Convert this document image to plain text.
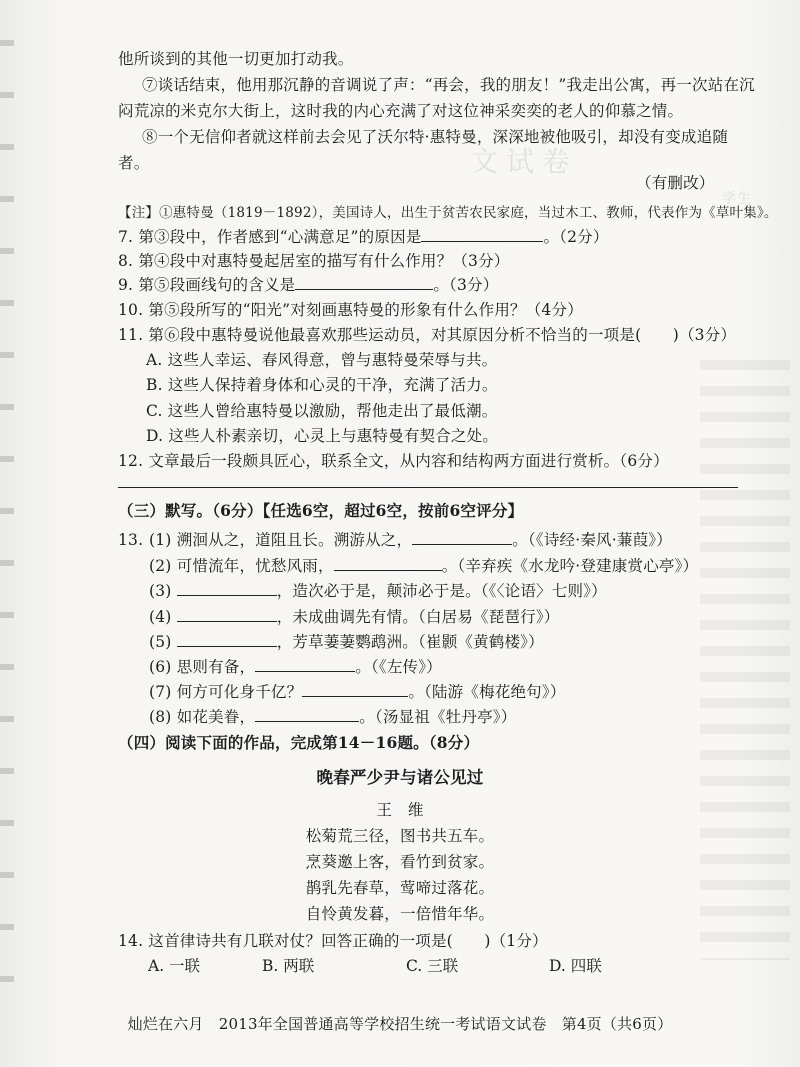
文试卷
学生
他所谈到的其他一切更加打动我。
⑦谈话结束，他用那沉静的音调说了声：“再会，我的朋友！”我走出公寓，再一次站在沉
闷荒凉的米克尔大街上，这时我的内心充满了对这位神采奕奕的老人的仰慕之情。
⑧一个无信仰者就这样前去会见了沃尔特·惠特曼，深深地被他吸引，却没有变成追随
者。
（有删改）
【注】①惠特曼（1819－1892），美国诗人，出生于贫苦农民家庭，当过木工、教师，代表作为《草叶集》。
7. 第③段中，作者感到“心满意足”的原因是	。（2分）
8. 第④段中对惠特曼起居室的描写有什么作用？（3分）
9. 第⑤段画线句的含义是	。（3分）
10. 第⑤段所写的“阳光”对刻画惠特曼的形象有什么作用？（4分）
11. 第⑥段中惠特曼说他最喜欢那些运动员，对其原因分析不恰当的一项是(　　)（3分）
A. 这些人幸运、春风得意，曾与惠特曼荣辱与共。
B. 这些人保持着身体和心灵的干净，充满了活力。
C. 这些人曾给惠特曼以激励，帮他走出了最低潮。
D. 这些人朴素亲切，心灵上与惠特曼有契合之处。
12. 文章最后一段颇具匠心，联系全文，从内容和结构两方面进行赏析。（6分）
（三）默写。（6分）【任选6空，超过6空，按前6空评分】
13. (1) 溯洄从之，道阻且长。溯游从之，	。（《诗经·秦风·蒹葭》）
(2) 可惜流年，忧愁风雨，	。（辛弃疾《水龙吟·登建康赏心亭》）
(3)	，造次必于是，颠沛必于是。（《〈论语〉七则》）
(4)	，未成曲调先有情。（白居易《琵琶行》）
(5)	，芳草萋萋鹦鹉洲。（崔颢《黄鹤楼》）
(6) 思则有备，	。（《左传》）
(7) 何方可化身千亿？	。（陆游《梅花绝句》）
(8) 如花美眷，	。（汤显祖《牡丹亭》）
（四）阅读下面的作品，完成第14－16题。（8分）
晚春严少尹与诸公见过
王　维
松菊荒三径，图书共五车。
烹葵邀上客，看竹到贫家。
鹊乳先春草，莺啼过落花。
自怜黄发暮，一倍惜年华。
14. 这首律诗共有几联对仗？回答正确的一项是(　　)（1分）
A. 一联	B. 两联	C. 三联	D. 四联
灿烂在六月　2013年全国普通高等学校招生统一考试语文试卷　第4页（共6页）
